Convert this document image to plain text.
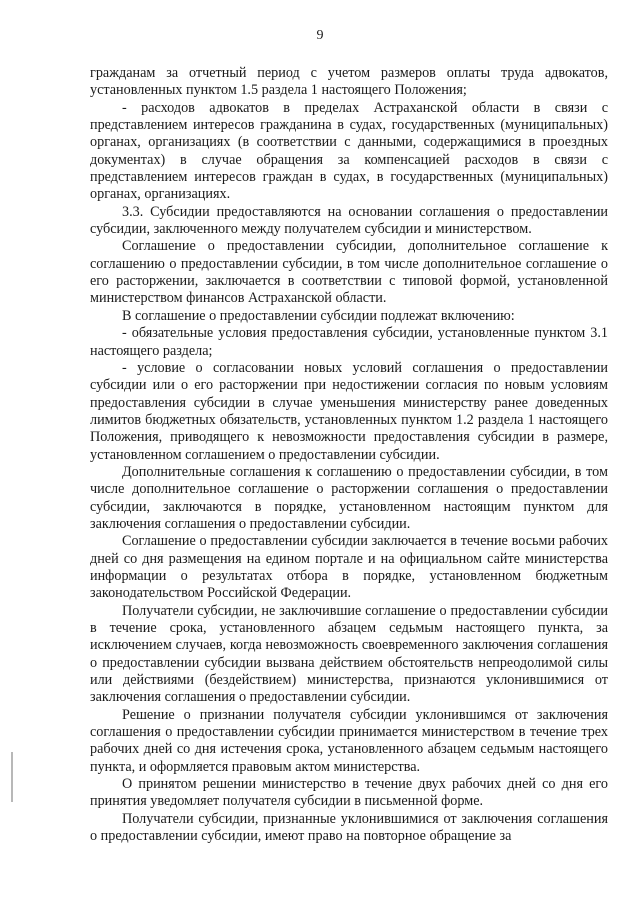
9

гражданам за отчетный период с учетом размеров оплаты труда адвокатов, установленных пунктом 1.5 раздела 1 настоящего Положения;

- расходов адвокатов в пределах Астраханской области в связи с представлением интересов гражданина в судах, государственных (муниципальных) органах, организациях (в соответствии с данными, содержащимися в проездных документах) в случае обращения за компенсацией расходов в связи с представлением интересов граждан в судах, в государственных (муниципальных) органах, организациях.

3.3. Субсидии предоставляются на основании соглашения о предоставлении субсидии, заключенного между получателем субсидии и министерством.

Соглашение о предоставлении субсидии, дополнительное соглашение к соглашению о предоставлении субсидии, в том числе дополнительное соглашение о его расторжении, заключается в соответствии с типовой формой, установленной министерством финансов Астраханской области.

В соглашение о предоставлении субсидии подлежат включению:

- обязательные условия предоставления субсидии, установленные пунктом 3.1 настоящего раздела;

- условие о согласовании новых условий соглашения о предоставлении субсидии или о его расторжении при недостижении согласия по новым условиям предоставления субсидии в случае уменьшения министерству ранее доведенных лимитов бюджетных обязательств, установленных пунктом 1.2 раздела 1 настоящего Положения, приводящего к невозможности предоставления субсидии в размере, установленном соглашением о предоставлении субсидии.

Дополнительные соглашения к соглашению о предоставлении субсидии, в том числе дополнительное соглашение о расторжении соглашения о предоставлении субсидии, заключаются в порядке, установленном настоящим пунктом для заключения соглашения о предоставлении субсидии.

Соглашение о предоставлении субсидии заключается в течение восьми рабочих дней со дня размещения на едином портале и на официальном сайте министерства информации о результатах отбора в порядке, установленном бюджетным законодательством Российской Федерации.

Получатели субсидии, не заключившие соглашение о предоставлении субсидии в течение срока, установленного абзацем седьмым настоящего пункта, за исключением случаев, когда невозможность своевременного заключения соглашения о предоставлении субсидии вызвана действием обстоятельств непреодолимой силы или действиями (бездействием) министерства, признаются уклонившимися от заключения соглашения о предоставлении субсидии.

Решение о признании получателя субсидии уклонившимся от заключения соглашения о предоставлении субсидии принимается министерством в течение трех рабочих дней со дня истечения срока, установленного абзацем седьмым настоящего пункта, и оформляется правовым актом министерства.

О принятом решении министерство в течение двух рабочих дней со дня его принятия уведомляет получателя субсидии в письменной форме.

Получатели субсидии, признанные уклонившимися от заключения соглашения о предоставлении субсидии, имеют право на повторное обращение за
